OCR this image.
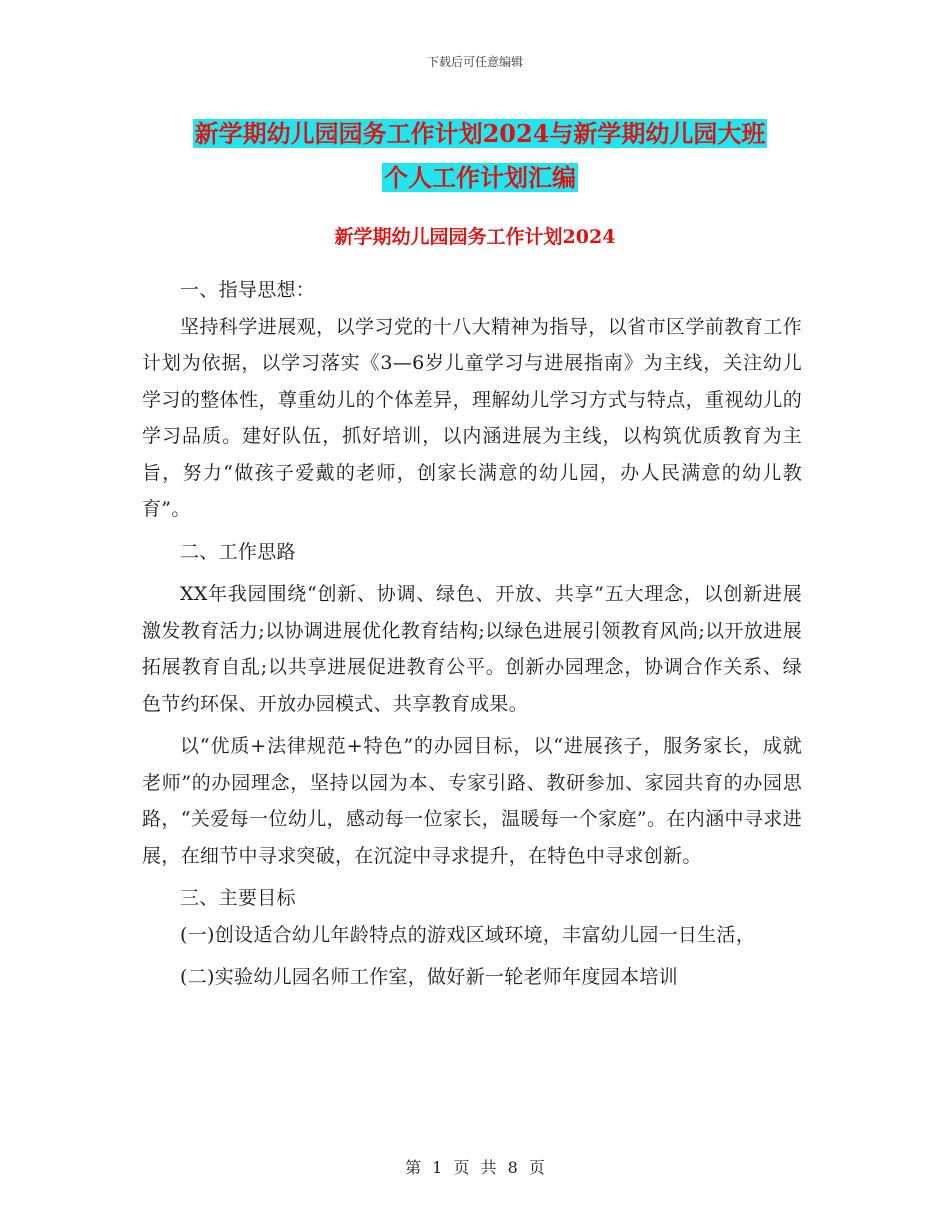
下载后可任意编辑
新学期幼儿园园务工作计划2024与新学期幼儿园大班
个人工作计划汇编
新学期幼儿园园务工作计划2024

一、指导思想：

坚持科学进展观，以学习党的十八大精神为指导，以省市区学前教育工作计划为依据，以学习落实《3—6岁儿童学习与进展指南》为主线，关注幼儿学习的整体性，尊重幼儿的个体差异，理解幼儿学习方式与特点，重视幼儿的学习品质。建好队伍，抓好培训，以内涵进展为主线，以构筑优质教育为主旨，努力“做孩子爱戴的老师，创家长满意的幼儿园，办人民满意的幼儿教育”。

二、工作思路

XX年我园围绕“创新、协调、绿色、开放、共享”五大理念，以创新进展激发教育活力;以协调进展优化教育结构;以绿色进展引领教育风尚;以开放进展拓展教育自乱;以共享进展促进教育公平。创新办园理念，协调合作关系、绿色节约环保、开放办园模式、共享教育成果。

以“优质+法律规范+特色”的办园目标，以“进展孩子，服务家长，成就老师”的办园理念，坚持以园为本、专家引路、教研参加、家园共育的办园思路，“关爱每一位幼儿，感动每一位家长，温暖每一个家庭”。在内涵中寻求进展，在细节中寻求突破，在沉淀中寻求提升，在特色中寻求创新。

三、主要目标

(一)创设适合幼儿年龄特点的游戏区域环境，丰富幼儿园一日生活，

(二)实验幼儿园名师工作室，做好新一轮老师年度园本培训

第 1 页 共 8 页
